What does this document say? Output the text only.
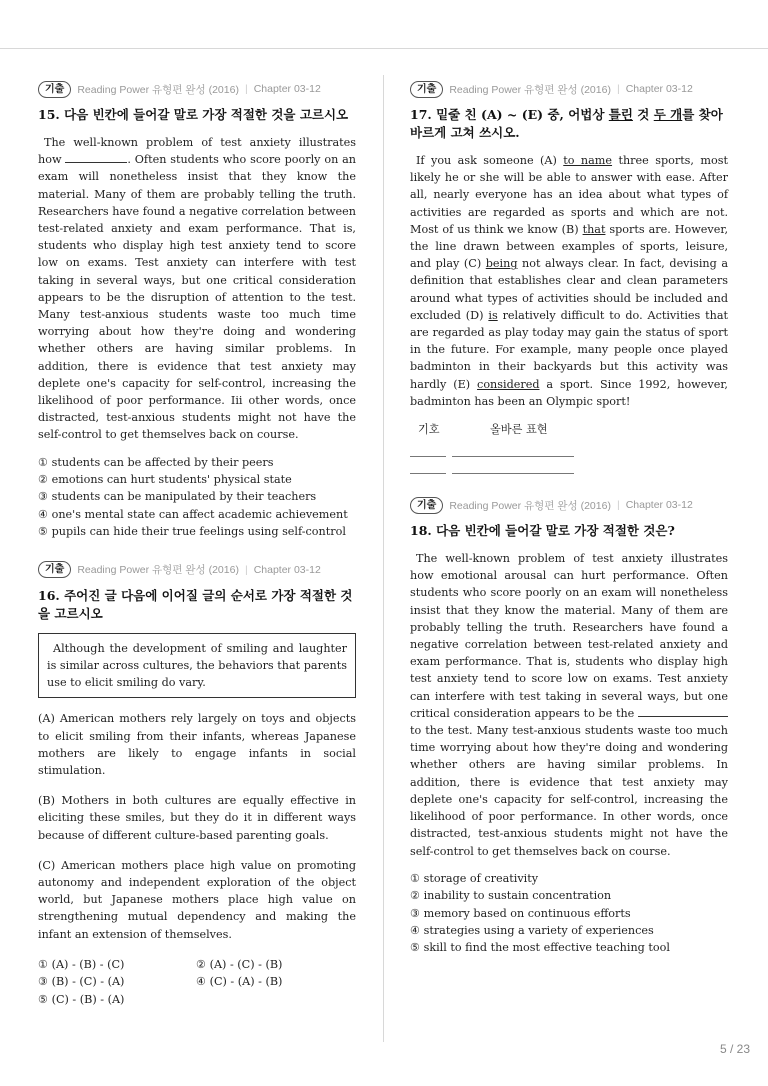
기출	Reading Power 유형편 완성 (2016) | Chapter 03-12
15. 다음 빈칸에 들어갈 말로 가장 적절한 것을 고르시오

The well-known problem of test anxiety illustrates how	. Often students who score poorly on an exam will nonetheless insist that they know the material. Many of them are probably telling the truth. Researchers have found a negative correlation between test-related anxiety and exam performance. That is, students who display high test anxiety tend to score low on exams. Test anxiety can interfere with test taking in several ways, but one critical consideration appears to be the disruption of attention to the test. Many test-anxious students waste too much time worrying about how they're doing and wondering whether others are having similar problems. In addition, there is evidence that test anxiety may deplete one's capacity for self-control, increasing the likelihood of poor performance. Iii other words, once distracted, test-anxious students might not have the self-control to get themselves back on course.

① students can be affected by their peers
② emotions can hurt students' physical state
③ students can be manipulated by their teachers
④ one's mental state can affect academic achievement
⑤ pupils can hide their true feelings using self-control
기출	Reading Power 유형편 완성 (2016) | Chapter 03-12
16. 주어진 글 다음에 이어질 글의 순서로 가장 적절한 것을 고르시오
Although the development of smiling and laughter is similar across cultures, the behaviors that parents use to elicit smiling do vary.

(A) American mothers rely largely on toys and objects to elicit smiling from their infants, whereas Japanese mothers are likely to engage infants in social stimulation.

(B) Mothers in both cultures are equally effective in eliciting these smiles, but they do it in different ways because of different culture-based parenting goals.

(C) American mothers place high value on promoting autonomy and independent exploration of the object world, but Japanese mothers place high value on strengthening mutual dependency and making the infant an extension of themselves.

① (A) - (B) - (C)	② (A) - (C) - (B)
③ (B) - (C) - (A)	④ (C) - (A) - (B)
⑤ (C) - (B) - (A)
기출	Reading Power 유형편 완성 (2016) | Chapter 03-12
17. 밑줄 친 (A) ~ (E) 중, 어법상 틀린 것 두 개를 찾아 바르게 고쳐 쓰시오.

If you ask someone (A) to name three sports, most likely he or she will be able to answer with ease. After all, nearly everyone has an idea about what types of activities are regarded as sports and which are not. Most of us think we know (B) that sports are. However, the line drawn between examples of sports, leisure, and play (C) being not always clear. In fact, devising a definition that establishes clear and clean parameters around what types of activities should be included and excluded (D) is relatively difficult to do. Activities that are regarded as play today may gain the status of sport in the future. For example, many people once played badminton in their backyards but this activity was hardly (E) considered a sport. Since 1992, however, badminton has been an Olympic sport!

기호	올바른 표현
기출	Reading Power 유형편 완성 (2016) | Chapter 03-12
18. 다음 빈칸에 들어갈 말로 가장 적절한 것은?

The well-known problem of test anxiety illustrates how emotional arousal can hurt performance. Often students who score poorly on an exam will nonetheless insist that they know the material. Many of them are probably telling the truth. Researchers have found a negative correlation between test-related anxiety and exam performance. That is, students who display high test anxiety tend to score low on exams. Test anxiety can interfere with test taking in several ways, but one critical consideration appears to be the  to the test. Many test-anxious students waste too much time worrying about how they're doing and wondering whether others are having similar problems. In addition, there is evidence that test anxiety may deplete one's capacity for self-control, increasing the likelihood of poor performance. In other words, once distracted, test-anxious students might not have the self-control to get themselves back on course.

① storage of creativity
② inability to sustain concentration
③ memory based on continuous efforts
④ strategies using a variety of experiences
⑤ skill to find the most effective teaching tool
5 / 23
